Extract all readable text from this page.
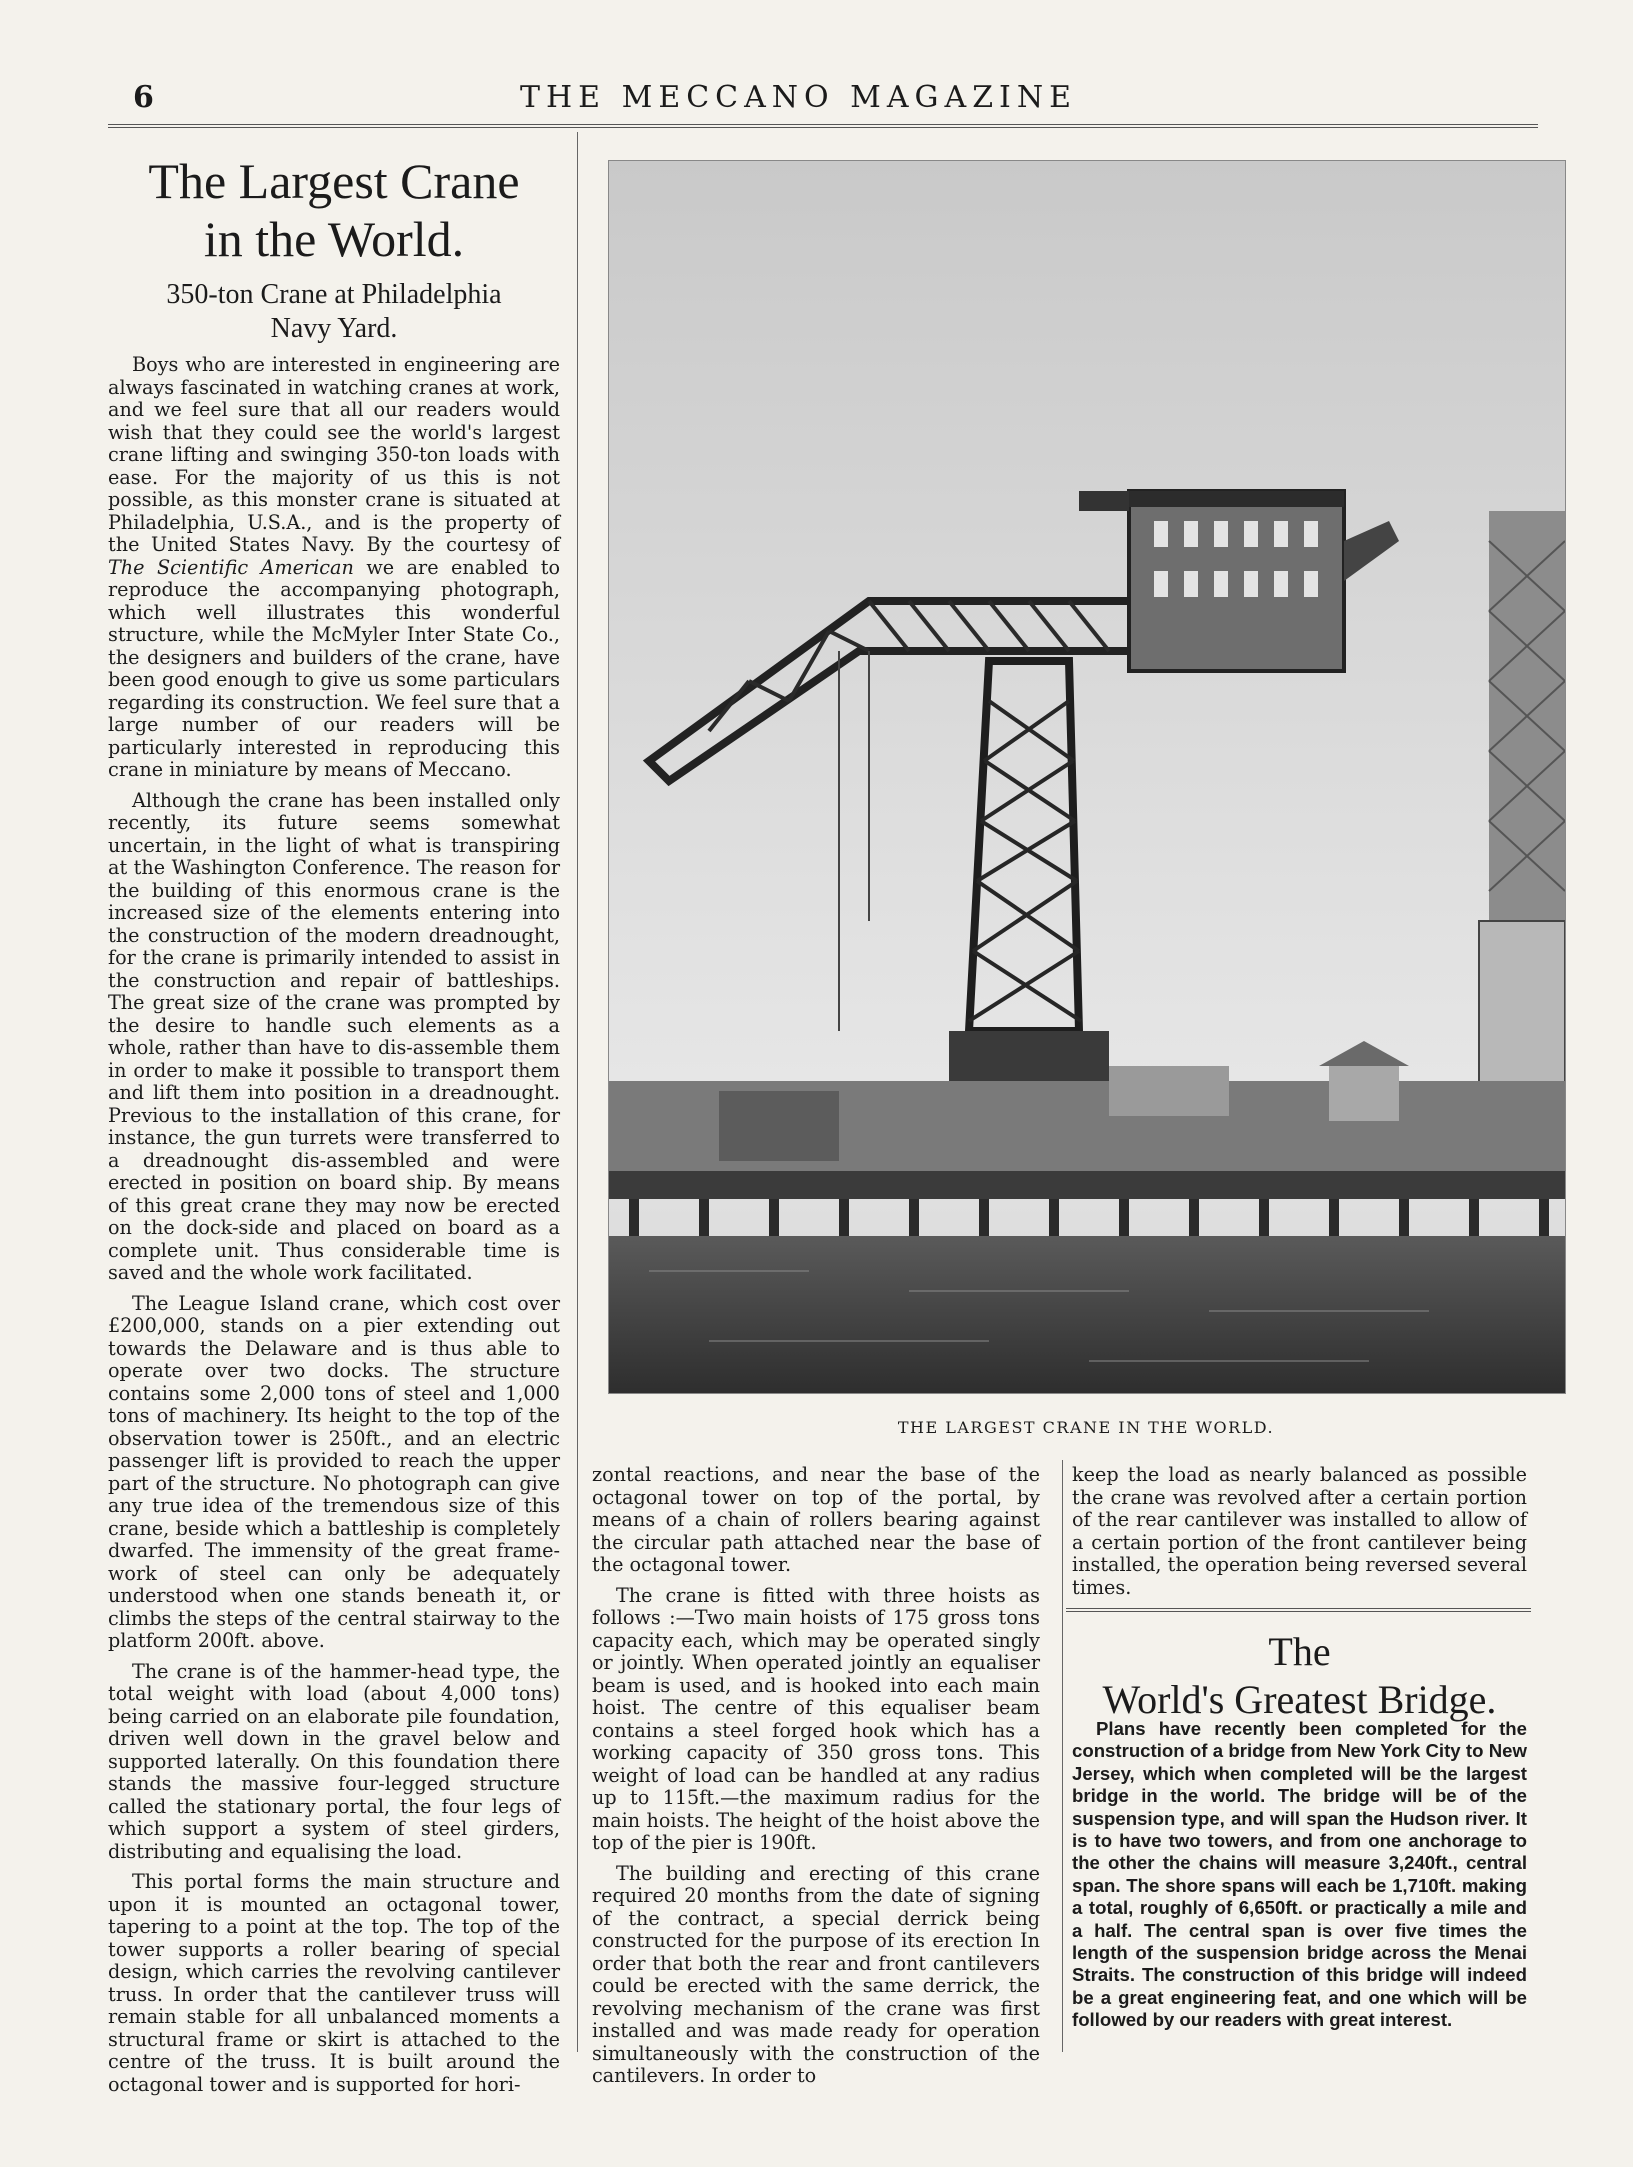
6	THE MECCANO MAGAZINE
The Largest Crane
in the World.
350-ton Crane at Philadelphia
Navy Yard.

Boys who are interested in engineering are always fascinated in watching cranes at work, and we feel sure that all our readers would wish that they could see the world's largest crane lifting and swinging 350-ton loads with ease. For the majority of us this is not possible, as this monster crane is situated at Philadelphia, U.S.A., and is the property of the United States Navy. By the courtesy of The Scientific American we are enabled to reproduce the accompanying photograph, which well illustrates this wonderful structure, while the McMyler Inter State Co., the designers and builders of the crane, have been good enough to give us some particulars regarding its construction. We feel sure that a large number of our readers will be particularly interested in reproducing this crane in miniature by means of Meccano.

Although the crane has been installed only recently, its future seems somewhat uncertain, in the light of what is transpiring at the Washington Conference. The reason for the building of this enormous crane is the increased size of the elements entering into the construction of the modern dreadnought, for the crane is primarily intended to assist in the construction and repair of battleships. The great size of the crane was prompted by the desire to handle such elements as a whole, rather than have to dis-assemble them in order to make it possible to transport them and lift them into position in a dreadnought. Previous to the installation of this crane, for instance, the gun turrets were transferred to a dreadnought dis-assembled and were erected in position on board ship. By means of this great crane they may now be erected on the dock-side and placed on board as a complete unit. Thus considerable time is saved and the whole work facilitated.

The League Island crane, which cost over £200,000, stands on a pier extending out towards the Delaware and is thus able to operate over two docks. The structure contains some 2,000 tons of steel and 1,000 tons of machinery. Its height to the top of the observation tower is 250ft., and an electric passenger lift is provided to reach the upper part of the structure. No photograph can give any true idea of the tremendous size of this crane, beside which a battleship is completely dwarfed. The immensity of the great frame-work of steel can only be adequately understood when one stands beneath it, or climbs the steps of the central stairway to the platform 200ft. above.

The crane is of the hammer-head type, the total weight with load (about 4,000 tons) being carried on an elaborate pile foundation, driven well down in the gravel below and supported laterally. On this foundation there stands the massive four-legged structure called the stationary portal, the four legs of which support a system of steel girders, distributing and equalising the load.

This portal forms the main structure and upon it is mounted an octagonal tower, tapering to a point at the top. The top of the tower supports a roller bearing of special design, which carries the revolving cantilever truss. In order that the cantilever truss will remain stable for all unbalanced moments a structural frame or skirt is attached to the centre of the truss. It is built around the octagonal tower and is supported for hori-

THE LARGEST CRANE IN THE WORLD.

zontal reactions, and near the base of the octagonal tower on top of the portal, by means of a chain of rollers bearing against the circular path attached near the base of the octagonal tower.

The crane is fitted with three hoists as follows :—Two main hoists of 175 gross tons capacity each, which may be operated singly or jointly. When operated jointly an equaliser beam is used, and is hooked into each main hoist. The centre of this equaliser beam contains a steel forged hook which has a working capacity of 350 gross tons. This weight of load can be handled at any radius up to 115ft.—the maximum radius for the main hoists. The height of the hoist above the top of the pier is 190ft.

The building and erecting of this crane required 20 months from the date of signing of the contract, a special derrick being constructed for the purpose of its erection In order that both the rear and front cantilevers could be erected with the same derrick, the revolving mechanism of the crane was first installed and was made ready for operation simultaneously with the construction of the cantilevers. In order to

keep the load as nearly balanced as possible the crane was revolved after a certain portion of the rear cantilever was installed to allow of a certain portion of the front cantilever being installed, the operation being reversed several times.

The
World's Greatest Bridge.

Plans have recently been completed for the construction of a bridge from New York City to New Jersey, which when completed will be the largest bridge in the world. The bridge will be of the suspension type, and will span the Hudson river. It is to have two towers, and from one anchorage to the other the chains will measure 3,240ft., central span. The shore spans will each be 1,710ft. making a total, roughly of 6,650ft. or practically a mile and a half. The central span is over five times the length of the suspension bridge across the Menai Straits. The construction of this bridge will indeed be a great engineering feat, and one which will be followed by our readers with great interest.
